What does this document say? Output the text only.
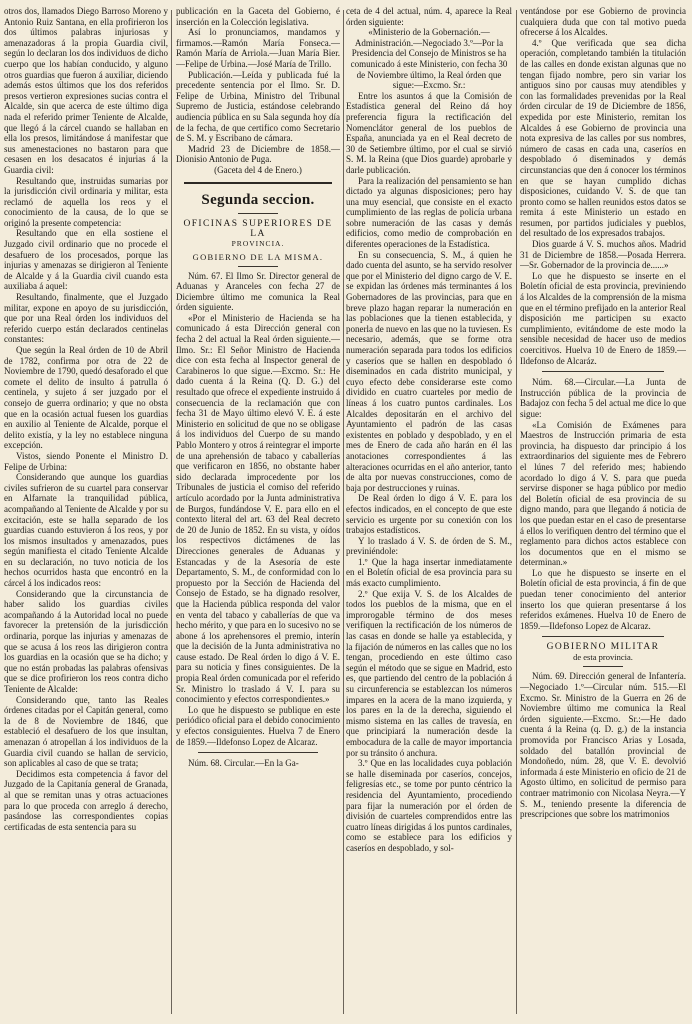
otros dos, llamados Diego Barroso Moreno y Antonio Ruiz Santana, en ella profirieron los dos últimos palabras injuriosas y amenazadoras á la propia Guardia civil, según lo declaran los dos individuos de dicho cuerpo que los habían conducido, y alguno otros guardias que fueron á auxiliar, diciendo además estos últimos que los dos referidos presos vertieron expresiones sucias contra el Alcalde, sin que acerca de este último diga nada el referido primer Teniente de Alcalde, que llegó á la cárcel cuando se hallaban en ella los presos, limitándose á manifestar que sus amenestaciones no bastaron para que cesasen en los desacatos é injurias á la Guardia civil:

Resultando que, instruidas sumarias por la jurisdicción civil ordinaria y militar, esta reclamó de aquella los reos y el conocimiento de la causa, de lo que se originó la presente competencia:

Resultando que en ella sostiene el Juzgado civil ordinario que no procede el desafuero de los procesados, porque las injurias y amenazas se dirigieron al Teniente de Alcalde y á la Guardia civil cuando esta auxiliaba á aquel:

Resultando, finalmente, que el Juzgado militar, expone en apoyo de su jurisdicción, que por una Real órden los individuos del referido cuerpo están declarados centinelas constantes:

Que según la Real órden de 10 de Abril de 1782, confirma por otra de 22 de Noviembre de 1790, quedó desaforado el que comete el delito de insulto á patrulla ó centinela, y sujeto á ser juzgado por el consejo de guerra ordinario; y que no obsta que en la ocasión actual fuesen los guardias en auxilio al Teniente de Alcalde, porque el delito existía, y la ley no establece ninguna excepción.

Vistos, siendo Ponente el Ministro D. Felipe de Urbina:

Considerando que aunque los guardias civiles sufrieron de su cuartel para conservar en Alfarnate la tranquilidad pública, acompañando al Teniente de Alcalde y por su excitación, este se halla separado de los guardias cuando estuvieron á los reos, y por los mismos insultados y amenazados, pues según manifiesta el citado Teniente Alcalde en su declaración, no tuvo noticia de los hechos ocurridos hasta que encontró en la cárcel á los indicados reos:

Considerando que la circunstancia de haber salido los guardias civiles acompañando á la Autoridad local no puede favorecer la pretensión de la jurisdicción ordinaria, porque las injurias y amenazas de que se acusa á los reos las dirigieron contra los guardias en la ocasión que se ha dicho; y que no están probadas las palabras ofensivas que se dice profirieron los reos contra dicho Teniente de Alcalde:

Considerando que, tanto las Reales órdenes citadas por el Capitán general, como la de 8 de Noviembre de 1846, que estableció el desafuero de los que insultan, amenazan ó atropellan á los individuos de la Guardia civil cuando se hallan de servicio, son aplicables al caso de que se trata;

Decidimos esta competencia á favor del Juzgado de la Capitanía general de Granada, al que se remitan unas y otras actuaciones para lo que proceda con arreglo á derecho, pasándose las correspondientes copias certificadas de esta sentencia para su

publicación en la Gaceta del Gobierno, é inserción en la Colección legislativa.

Así lo pronunciamos, mandamos y firmamos.—Ramón María Fonseca.—Ramón María de Arriola.—Juan María Bier.—Felipe de Urbina.—José María de Trillo.

Publicación.—Leída y publicada fué la precedente sentencia por el Ilmo. Sr. D. Felipe de Urbina, Ministro del Tribunal Supremo de Justicia, estándose celebrando audiencia pública en su Sala segunda hoy día de la fecha, de que certifico como Secretario de S. M. y Escribano de cámara.

Madrid 23 de Diciembre de 1858.—Dionisio Antonio de Puga.

(Gaceta del 4 de Enero.)

Segunda seccion.
OFICINAS SUPERIORES DE LA
PROVINCIA.
GOBIERNO DE LA MISMA.

Núm. 67. El Ilmo Sr. Director general de Aduanas y Aranceles con fecha 27 de Diciembre último me comunica la Real órden siguiente.

«Por el Ministerio de Hacienda se ha comunicado á esta Dirección general con fecha 2 del actual la Real órden siguiente.—Ilmo. Sr.: El Señor Ministro de Hacienda dice con esta fecha al Inspector general de Carabineros lo que sigue.—Excmo. Sr.: He dado cuenta á la Reina (Q. D. G.) del resultado que ofrece el expediente instruido á consecuencia de la reclamación que con fecha 31 de Mayo último elevó V. E. á este Ministerio en solicitud de que no se obligase á los individuos del Cuerpo de su mando Pablo Montero y otros á reintegrar el importe de una aprehensión de tabaco y caballerías que verificaron en 1856, no obstante haber sido declarada improcedente por los Tribunales de justicia el comiso del referido artículo acordado por la Junta administrativa de Burgos, fundándose V. E. para ello en el contexto literal del art. 63 del Real decreto de 20 de Junio de 1852. En su vista, y oídos los respectivos dictámenes de las Direcciones generales de Aduanas y Estancadas y de la Asesoría de este Departamento, S. M., de conformidad con lo propuesto por la Sección de Hacienda del Consejo de Estado, se ha dignado resolver, que la Hacienda pública responda del valor en venta del tabaco y caballerías de que va hecho mérito, y que para en lo sucesivo no se abone á los aprehensores el premio, interín que la decisión de la Junta administrativa no cause estado. De Real órden lo digo á V. E. para su noticia y fines consiguientes. De la propia Real órden comunicada por el referido Sr. Ministro lo traslado á V. I. para su conocimiento y efectos correspondientes.»

Lo que he dispuesto se publique en este periódico oficial para el debido conocimiento y efectos consiguientes. Huelva 7 de Enero de 1859.—Ildefonso Lopez de Alcaraz.

Núm. 68. Circular.—En la Ga-

ceta de 4 del actual, núm. 4, aparece la Real órden siguiente:

«Ministerio de la Gobernación.—Administración.—Negociado 3.º—Por la Presidencia del Consejo de Ministros se ha comunicado á este Ministerio, con fecha 30 de Noviembre último, la Real órden que sigue:—Excmo. Sr.:

Entre los asuntos á que la Comisión de Estadística general del Reino dá hoy preferencia figura la rectificación del Nomenclátor general de los pueblos de España, anunciada ya en el Real decreto de 30 de Setiembre último, por el cual se sirvió S. M. la Reina (que Dios guarde) aprobarle y darle publicación.

Para la realización del pensamiento se han dictado ya algunas disposiciones; pero hay una muy esencial, que consiste en el exacto cumplimiento de las reglas de policía urbana sobre numeración de las casas y demás edificios, como medio de comprobación en diferentes operaciones de la Estadística.

En su consecuencia, S. M., á quien he dado cuenta del asunto, se ha servido resolver que por el Ministerio del digno cargo de V. E. se expidan las órdenes más terminantes á los Gobernadores de las provincias, para que en breve plazo hagan reparar la numeración en las poblaciones que la tienen establecida, y ponerla de nuevo en las que no la tuviesen. Es necesario, además, que se forme otra numeración separada para todos los edificios y caseríos que se hallen en despoblado ó diseminados en cada distrito municipal, y cuyo efecto debe considerarse este como dividido en cuatro cuarteles por medio de líneas á los cuatro puntos cardinales. Los Alcaldes depositarán en el archivo del Ayuntamiento el padrón de las casas existentes en poblado y despoblado, y en el mes de Enero de cada año harán en él las anotaciones correspondientes á las alteraciones ocurridas en el año anterior, tanto de alta por nuevas construcciones, como de baja por destrucciones y ruinas.

De Real órden lo digo á V. E. para los efectos indicados, en el concepto de que este servicio es urgente por su conexión con los trabajos estadísticos.

Y lo traslado á V. S. de órden de S. M., previniéndole:

1.º Que la haga insertar inmediatamente en el Boletín oficial de esa provincia para su más exacto cumplimiento.

2.º Que exija V. S. de los Alcaldes de todos los pueblos de la misma, que en el improrogable término de dos meses verifiquen la rectificación de los números de las casas en donde se halle ya establecida, y la fijación de números en las calles que no los tengan, procediendo en este último caso según el método que se sigue en Madrid, esto es, que partiendo del centro de la población á su circunferencia se establezcan los números impares en la acera de la mano izquierda, y los pares en la de la derecha, siguiendo el mismo sistema en las calles de travesía, en que principiará la numeración desde la embocadura de la calle de mayor importancia por su tránsito ó anchura.

3.º Que en las localidades cuya población se halle diseminada por caseríos, concejos, feligresías etc., se tome por punto céntrico la residencia del Ayuntamiento, procediendo para fijar la numeración por el órden de división de cuarteles comprendidos entre las cuatro líneas dirigidas á los puntos cardinales, como se establece para los edificios y caseríos en despoblado, y sol-

ventándose por ese Gobierno de provincia cualquiera duda que con tal motivo pueda ofrecerse á los Alcaldes.

4.º Que verificada que sea dicha operación, completando también la titulación de las calles en donde existan algunas que no tengan fijado nombre, pero sin variar los antiguos sino por causas muy atendibles y con las formalidades prevenidas por la Real órden circular de 19 de Diciembre de 1856, expedida por este Ministerio, remitan los Alcaldes á ese Gobierno de provincia una nota expresiva de las calles por sus nombres, número de casas en cada una, caseríos en despoblado ó diseminados y demás circunstancias que den á conocer los términos en que se hayan cumplido dichas disposiciones, cuidando V. S. de que tan pronto como se hallen reunidos estos datos se remita á este Ministerio un estado en resumen, por partidos judiciales y pueblos, del resultado de los expresados trabajos.

Dios guarde á V. S. muchos años. Madrid 31 de Diciembre de 1858.—Posada Herrera.—Sr. Gobernador de la provincia de......»

Lo que he dispuesto se inserte en el Boletín oficial de esta provincia, previniendo á los Alcaldes de la comprensión de la misma que en el término prefijado en la anterior Real disposición me participen su exacto cumplimiento, evitándome de este modo la sensible necesidad de hacer uso de medios coercitivos. Huelva 10 de Enero de 1859.—Ildefonso de Alcaráz.

Núm. 68.—Circular.—La Junta de Instrucción pública de la provincia de Badajoz con fecha 5 del actual me dice lo que sigue:

«La Comisión de Exámenes para Maestros de Instrucción primaria de esta provincia, ha dispuesto dar principio á los extraordinarios del siguiente mes de Febrero el lúnes 7 del referido mes; habiendo acordado lo digo á V. S. para que pueda servirse disponer se haga público por medio del Boletín oficial de esa provincia de su digno mando, para que llegando á noticia de los que puedan estar en el caso de presentarse á ellos lo verifiquen dentro del término que el reglamento para dichos actos establece con los documentos que en el mismo se determinan.»

Lo que he dispuesto se inserte en el Boletín oficial de esta provincia, á fin de que puedan tener conocimiento del anterior inserto los que quieran presentarse á los referidos exámenes. Huelva 10 de Enero de 1859.—Ildefonso Lopez de Alcaraz.

GOBIERNO MILITAR
de esta provincia.

Núm. 69. Dirección general de Infantería.—Negociado 1.º—Circular núm. 515.—El Excmo. Sr. Ministro de la Guerra en 26 de Noviembre último me comunica la Real órden siguiente.—Excmo. Sr.:—He dado cuenta á la Reina (q. D. g.) de la instancia promovida por Francisco Arias y Losada, soldado del batallón provincial de Mondoñedo, núm. 28, que V. E. devolvió informada á este Ministerio en oficio de 21 de Agosto último, en solicitud de permiso para contraer matrimonio con Nicolasa Neyra.—Y S. M., teniendo presente la diferencia de prescripciones que sobre los matrimonios
